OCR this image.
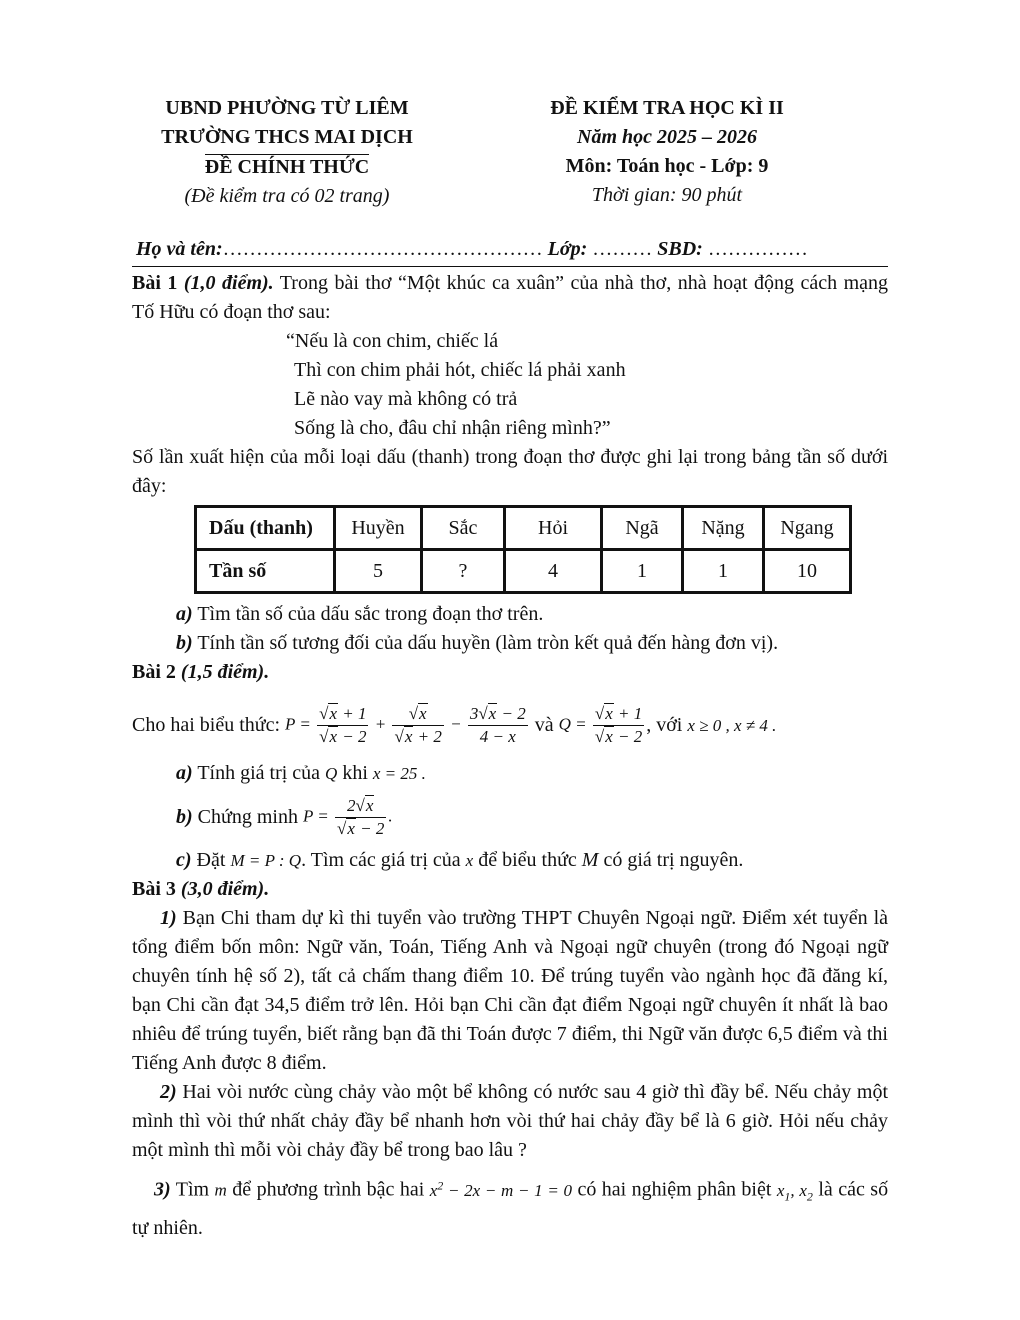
UBND PHƯỜNG TỪ LIÊM
TRƯỜNG THCS MAI DỊCH
ĐỀ CHÍNH THỨC
(Đề kiểm tra có 02 trang)
ĐỀ KIỂM TRA HỌC KÌ II
Năm học 2025 – 2026
Môn: Toán học - Lớp: 9
Thời gian: 90 phút
Họ và tên:………………………………………… Lớp: ……… SBD: ……………

Bài 1 (1,0 điểm). Trong bài thơ “Một khúc ca xuân” của nhà thơ, nhà hoạt động cách mạng Tố Hữu có đoạn thơ sau:

“Nếu là con chim, chiếc lá
Thì con chim phải hót, chiếc lá phải xanh
Lẽ nào vay mà không có trả
Sống là cho, đâu chỉ nhận riêng mình?”

Số lần xuất hiện của mỗi loại dấu (thanh) trong đoạn thơ được ghi lại trong bảng tần số dưới đây:

Dấu (thanh)	Huyền	Sắc	Hỏi	Ngã	Nặng	Ngang
Tần số	5	?	4	1	1	10

a) Tìm tần số của dấu sắc trong đoạn thơ trên.

b) Tính tần số tương đối của dấu huyền (làm tròn kết quả đến hàng đơn vị).

Bài 2 (1,5 điểm).

Cho hai biểu thức:
$P = \frac{√x + 1}{√x - 2} + \frac{√x}{√x + 2} - \frac{3√x - 2}{4 - x}$
và
$Q = \frac{√x + 1}{√x - 2}$ , với
x ≥ 0 , x ≠ 4 .

a) Tính giá trị của Q khi x = 25 .

b)
Chứng minh
$P = \frac{2√x}{√x - 2}$ .

c) Đặt M = P : Q. Tìm các giá trị của x để biểu thức M có giá trị nguyên.

Bài 3 (3,0 điểm).

1) Bạn Chi tham dự kì thi tuyển vào trường THPT Chuyên Ngoại ngữ. Điểm xét tuyển là tổng điểm bốn môn: Ngữ văn, Toán, Tiếng Anh và Ngoại ngữ chuyên (trong đó Ngoại ngữ chuyên tính hệ số 2), tất cả chấm thang điểm 10. Để trúng tuyển vào ngành học đã đăng kí, bạn Chi cần đạt 34,5 điểm trở lên. Hỏi bạn Chi cần đạt điểm Ngoại ngữ chuyên ít nhất là bao nhiêu để trúng tuyển, biết rằng bạn đã thi Toán được 7 điểm, thi Ngữ văn được 6,5 điểm và thi Tiếng Anh được 8 điểm.

2) Hai vòi nước cùng chảy vào một bể không có nước sau 4 giờ thì đầy bể. Nếu chảy một mình thì vòi thứ nhất chảy đầy bể nhanh hơn vòi thứ hai chảy đầy bể là 6 giờ. Hỏi nếu chảy một mình thì mỗi vòi chảy đầy bể trong bao lâu ?

3) Tìm m để phương trình bậc hai $x^2 - 2x - m - 1 = 0$ có hai nghiệm phân biệt $x_1$, $x_2$ là các số tự nhiên.
